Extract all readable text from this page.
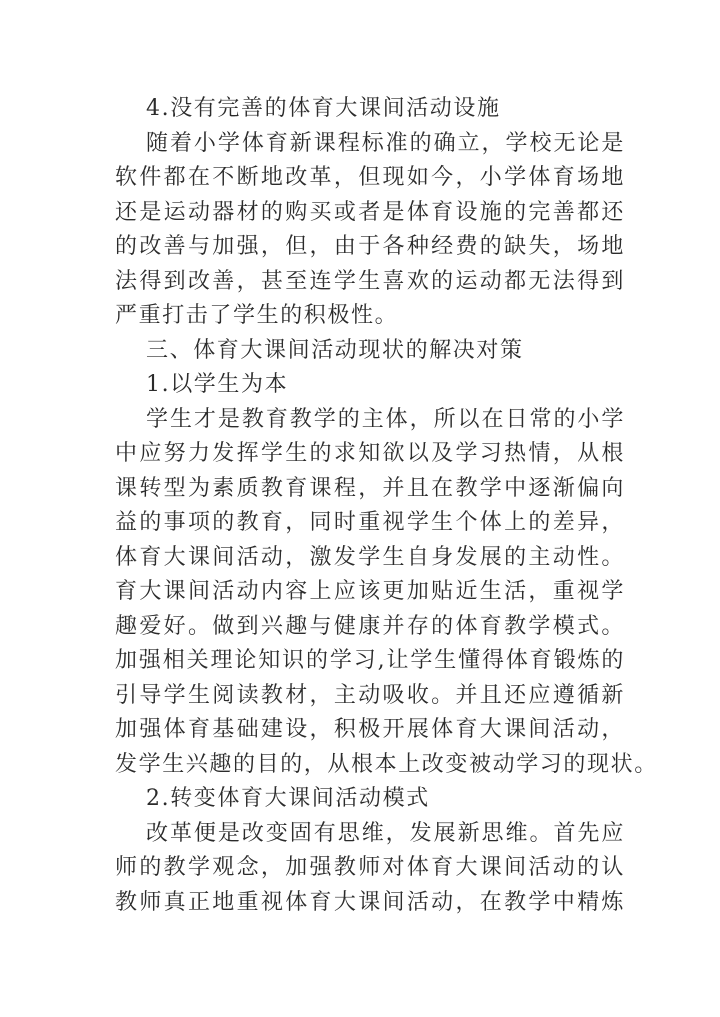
4.没有完善的体育大课间活动设施
随着小学体育新课程标准的确立，学校无论是
软件都在不断地改革，但现如今，小学体育场地
还是运动器材的购买或者是体育设施的完善都还
的改善与加强，但，由于各种经费的缺失，场地
法得到改善，甚至连学生喜欢的运动都无法得到
严重打击了学生的积极性。
三、体育大课间活动现状的解决对策
1.以学生为本
学生才是教育教学的主体，所以在日常的小学
中应努力发挥学生的求知欲以及学习热情，从根
课转型为素质教育课程，并且在教学中逐渐偏向
益的事项的教育，同时重视学生个体上的差异，
体育大课间活动，激发学生自身发展的主动性。
育大课间活动内容上应该更加贴近生活，重视学
趣爱好。做到兴趣与健康并存的体育教学模式。
加强相关理论知识的学习,让学生懂得体育锻炼的
引导学生阅读教材，主动吸收。并且还应遵循新
加强体育基础建设，积极开展体育大课间活动，
发学生兴趣的目的，从根本上改变被动学习的现状。
2.转变体育大课间活动模式
改革便是改变固有思维，发展新思维。首先应
师的教学观念，加强教师对体育大课间活动的认
教师真正地重视体育大课间活动，在教学中精炼
